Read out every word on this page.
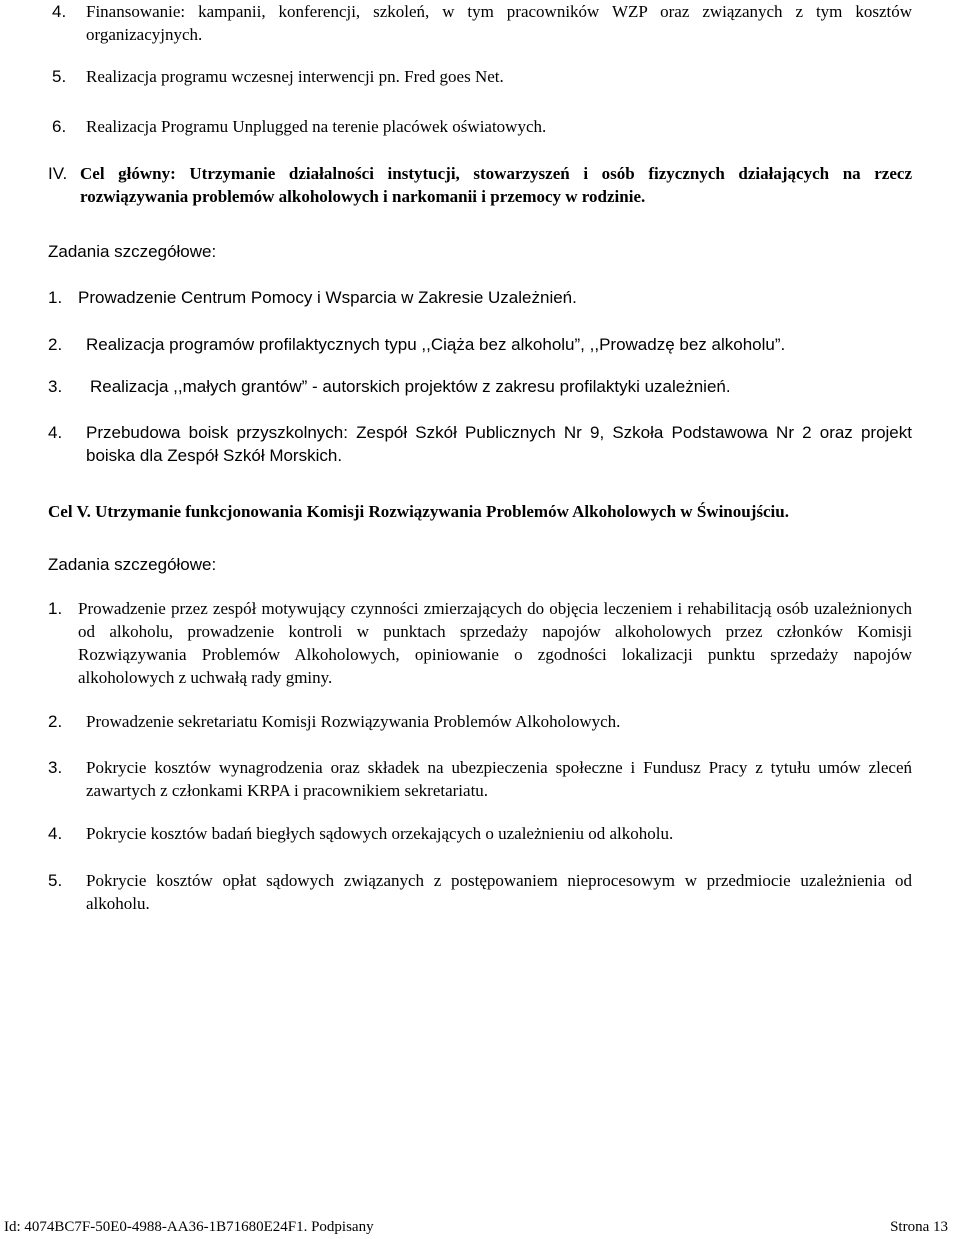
4.	Finansowanie: kampanii, konferencji, szkoleń, w tym pracowników WZP oraz związanych z tym kosztów organizacyjnych.
5.	Realizacja programu wczesnej interwencji pn. Fred goes Net.
6.	Realizacja Programu Unplugged na terenie placówek oświatowych.
IV. Cel główny: Utrzymanie działalności instytucji, stowarzyszeń i osób fizycznych działających na rzecz rozwiązywania problemów alkoholowych i narkomanii i przemocy w rodzinie.
Zadania szczegółowe:
1. Prowadzenie Centrum Pomocy i Wsparcia w Zakresie Uzależnień.
2.	Realizacja programów profilaktycznych typu ,,Ciąża bez alkoholu”, ,,Prowadzę bez alkoholu”.
3.	Realizacja ,,małych grantów” - autorskich projektów z zakresu profilaktyki uzależnień.
4.	Przebudowa boisk przyszkolnych: Zespół Szkół Publicznych Nr 9, Szkoła Podstawowa Nr 2 oraz projekt boiska dla Zespół Szkół Morskich.
Cel V. Utrzymanie funkcjonowania Komisji Rozwiązywania Problemów Alkoholowych w Świnoujściu.
Zadania szczegółowe:
1. Prowadzenie przez zespół motywujący czynności zmierzających do objęcia leczeniem i rehabilitacją osób uzależnionych od alkoholu, prowadzenie kontroli w punktach sprzedaży napojów alkoholowych przez członków Komisji Rozwiązywania Problemów Alkoholowych, opiniowanie o zgodności lokalizacji punktu sprzedaży napojów alkoholowych z uchwałą rady gminy.
2.	Prowadzenie sekretariatu Komisji Rozwiązywania Problemów Alkoholowych.
3.	Pokrycie kosztów wynagrodzenia oraz składek na ubezpieczenia społeczne i Fundusz Pracy z tytułu umów zleceń zawartych z członkami KRPA i pracownikiem sekretariatu.
4.	Pokrycie kosztów badań biegłych sądowych orzekających o uzależnieniu od alkoholu.
5.	Pokrycie kosztów opłat sądowych związanych z postępowaniem nieprocesowym w przedmiocie uzależnienia od alkoholu.
Id: 4074BC7F-50E0-4988-AA36-1B71680E24F1. Podpisany	Strona 13
